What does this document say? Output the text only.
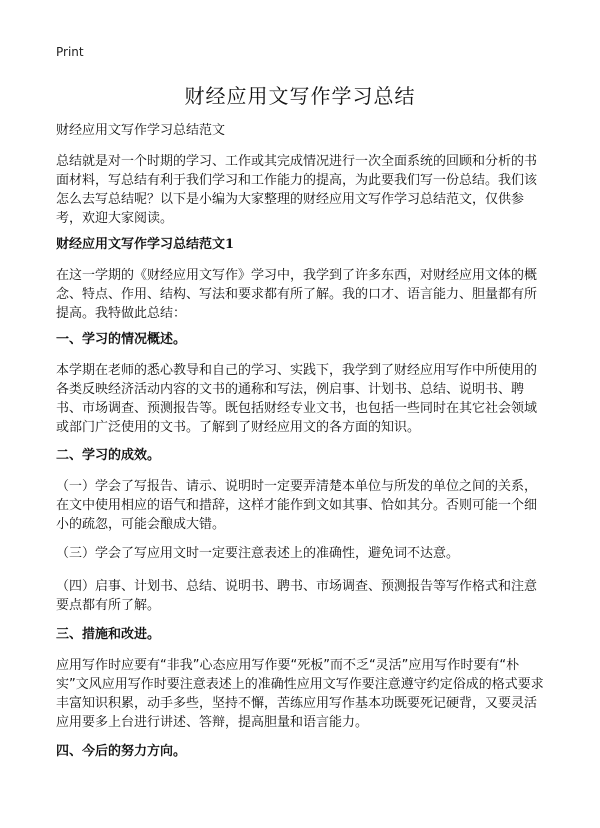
Print
财经应用文写作学习总结
财经应用文写作学习总结范文
总结就是对一个时期的学习、工作或其完成情况进行一次全面系统的回顾和分析的书面材料，写总结有利于我们学习和工作能力的提高，为此要我们写一份总结。我们该怎么去写总结呢？以下是小编为大家整理的财经应用文写作学习总结范文，仅供参考，欢迎大家阅读。
财经应用文写作学习总结范文1
在这一学期的《财经应用文写作》学习中，我学到了许多东西，对财经应用文体的概念、特点、作用、结构、写法和要求都有所了解。我的口才、语言能力、胆量都有所提高。我特做此总结：
一、学习的情况概述。
本学期在老师的悉心教导和自己的学习、实践下，我学到了财经应用写作中所使用的各类反映经济活动内容的文书的通称和写法，例启事、计划书、总结、说明书、聘书、市场调查、预测报告等。既包括财经专业文书，也包括一些同时在其它社会领域或部门广泛使用的文书。了解到了财经应用文的各方面的知识。
二、学习的成效。
（一）学会了写报告、请示、说明时一定要弄清楚本单位与所发的单位之间的关系，在文中使用相应的语气和措辞，这样才能作到文如其事、恰如其分。否则可能一个细小的疏忽，可能会酿成大错。
（三）学会了写应用文时一定要注意表述上的准确性，避免词不达意。
（四）启事、计划书、总结、说明书、聘书、市场调查、预测报告等写作格式和注意要点都有所了解。
三、措施和改进。
应用写作时应要有“非我”心态应用写作要“死板”而不乏“灵活”应用写作时要有“朴实”文风应用写作时要注意表述上的准确性应用文写作要注意遵守约定俗成的格式要求丰富知识积累，动手多些，坚持不懈，苦练应用写作基本功既要死记硬背，又要灵活应用要多上台进行讲述、答辩，提高胆量和语言能力。
四、今后的努力方向。
